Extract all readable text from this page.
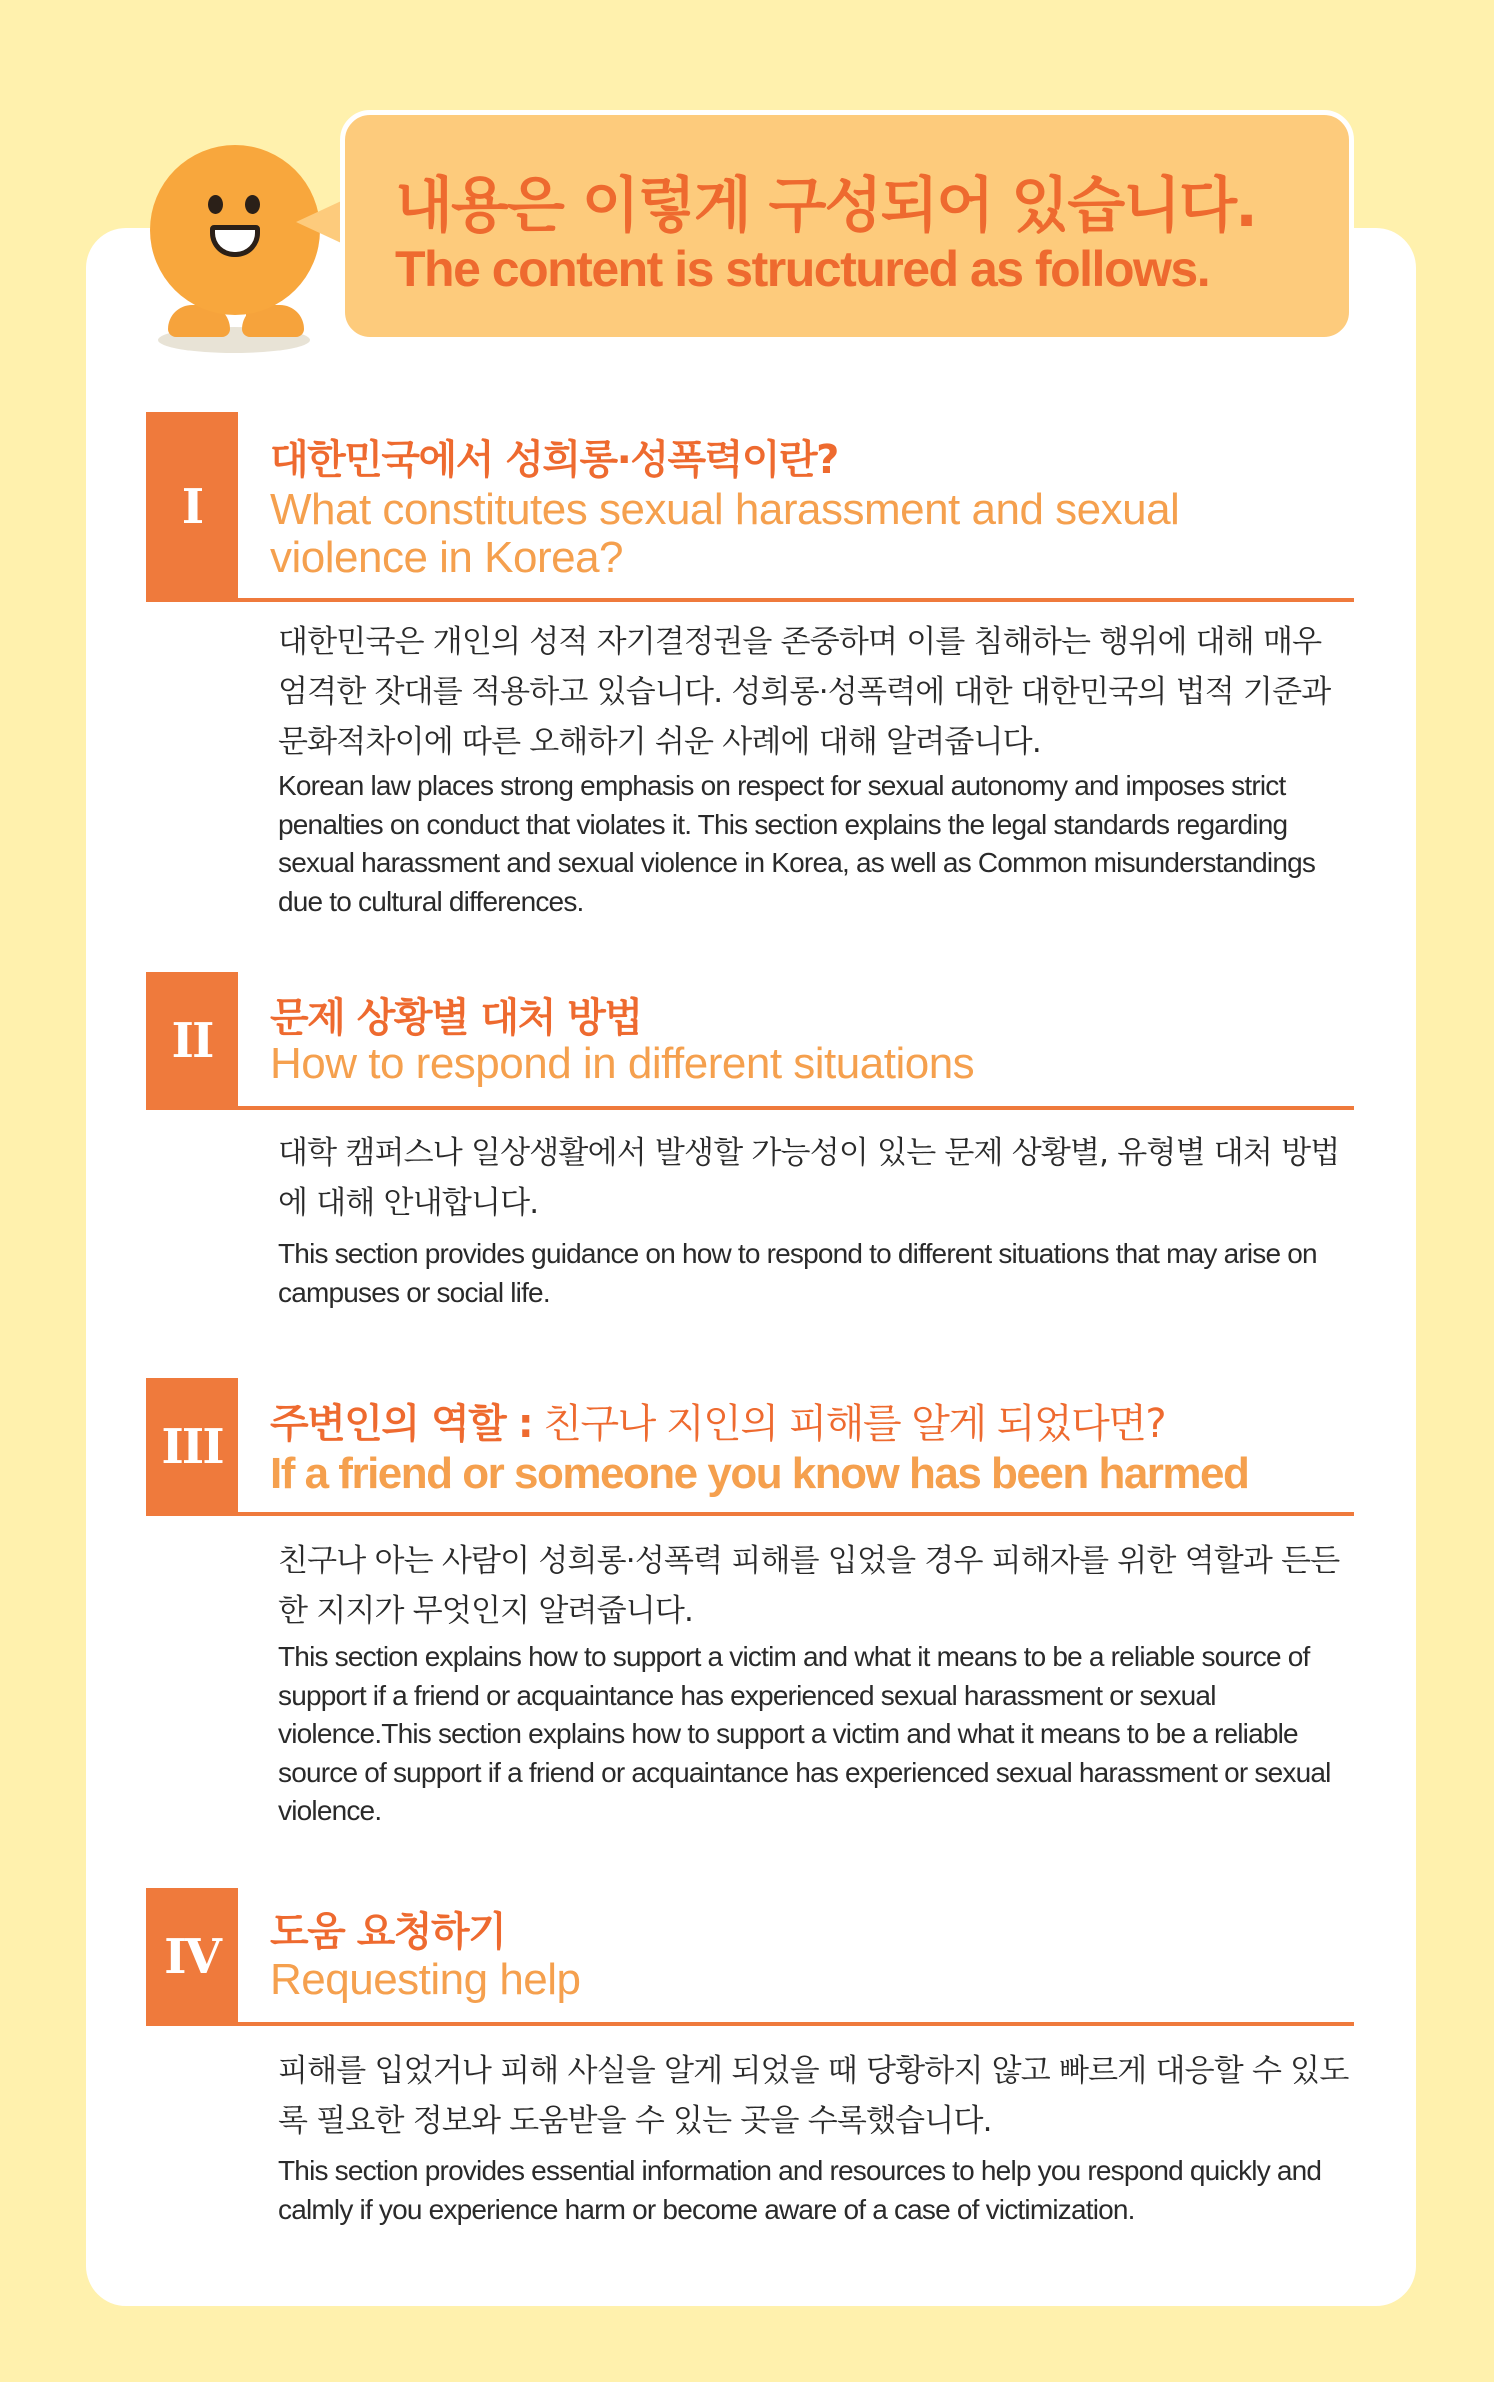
내용은 이렇게 구성되어 있습니다.
The content is structured as follows.
I
대한민국에서 성희롱·성폭력이란?
What constitutes sexual harassment and sexual violence in Korea?
대한민국은 개인의 성적 자기결정권을 존중하며 이를 침해하는 행위에 대해 매우 엄격한 잣대를 적용하고 있습니다. 성희롱·성폭력에 대한 대한민국의 법적 기준과 문화적차이에 따른 오해하기 쉬운 사례에 대해 알려줍니다.
Korean law places strong emphasis on respect for sexual autonomy and imposes strict penalties on conduct that violates it. This section explains the legal standards regarding sexual harassment and sexual violence in Korea, as well as Common misunderstandings due to cultural differences.
II	문제 상황별 대처 방법
How to respond in different situations
대학 캠퍼스나 일상생활에서 발생할 가능성이 있는 문제 상황별, 유형별 대처 방법에 대해 안내합니다.
This section provides guidance on how to respond to different situations that may arise on campuses or social life.
III	주변인의 역할 : 친구나 지인의 피해를 알게 되었다면?
If a friend or someone you know has been harmed
친구나 아는 사람이 성희롱·성폭력 피해를 입었을 경우 피해자를 위한 역할과 든든한 지지가 무엇인지 알려줍니다.
This section explains how to support a victim and what it means to be a reliable source of support if a friend or acquaintance has experienced sexual harassment or sexual violence.This section explains how to support a victim and what it means to be a reliable source of support if a friend or acquaintance has experienced sexual harassment or sexual violence.
IV	도움 요청하기
Requesting help
피해를 입었거나 피해 사실을 알게 되었을 때 당황하지 않고 빠르게 대응할 수 있도록 필요한 정보와 도움받을 수 있는 곳을 수록했습니다.
This section provides essential information and resources to help you respond quickly and calmly if you experience harm or become aware of a case of victimization.
